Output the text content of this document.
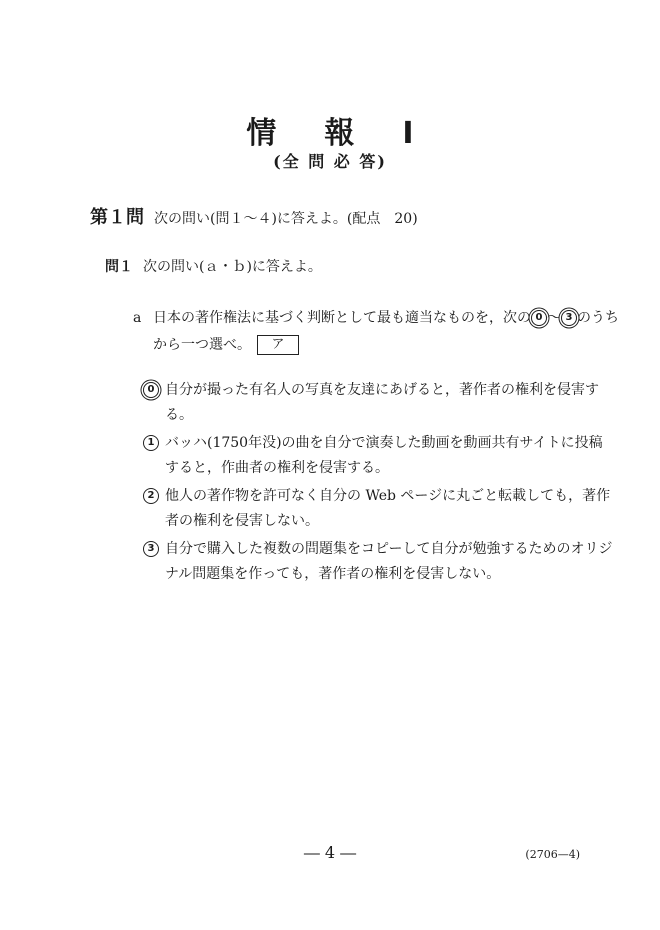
情 報 Ⅰ
(全 問 必 答)
第１問 次の問い(問１～４)に答えよ。(配点　20)
問１ 次の問い(ａ・ｂ)に答えよ。
a 日本の著作権法に基づく判断として最も適当なものを，次の 0 ～ 3 のうち
から一つ選べ。 ア
0 自分が撮った有名人の写真を友達にあげると，著作者の権利を侵害す
る。
1 バッハ(1750年没)の曲を自分で演奏した動画を動画共有サイトに投稿
すると，作曲者の権利を侵害する。
2 他人の著作物を許可なく自分の Web ページに丸ごと転載しても，著作
者の権利を侵害しない。
3 自分で購入した複数の問題集をコピーして自分が勉強するためのオリジ
ナル問題集を作っても，著作者の権利を侵害しない。
― 4 ―	(2706—4)
